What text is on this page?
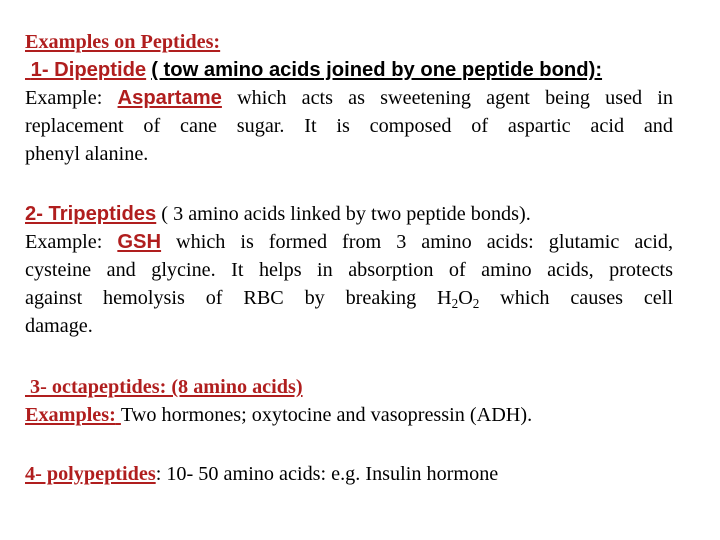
Examples on Peptides:
1- Dipeptide ( tow amino acids joined by one peptide bond):
Example: Aspartame which acts as sweetening agent being used in
replacement of cane sugar. It is composed of aspartic acid and
phenyl alanine.
2- Tripeptides ( 3 amino acids linked by two peptide bonds).
Example: GSH which is formed from 3 amino acids: glutamic acid,
cysteine and glycine. It helps in absorption of amino acids, protects
against hemolysis of RBC by breaking $H_2O_2$ which causes cell
damage.
3- octapeptides: (8 amino acids)
Examples: Two hormones; oxytocine and vasopressin (ADH).
4- polypeptides: 10- 50 amino acids: e.g. Insulin hormone
